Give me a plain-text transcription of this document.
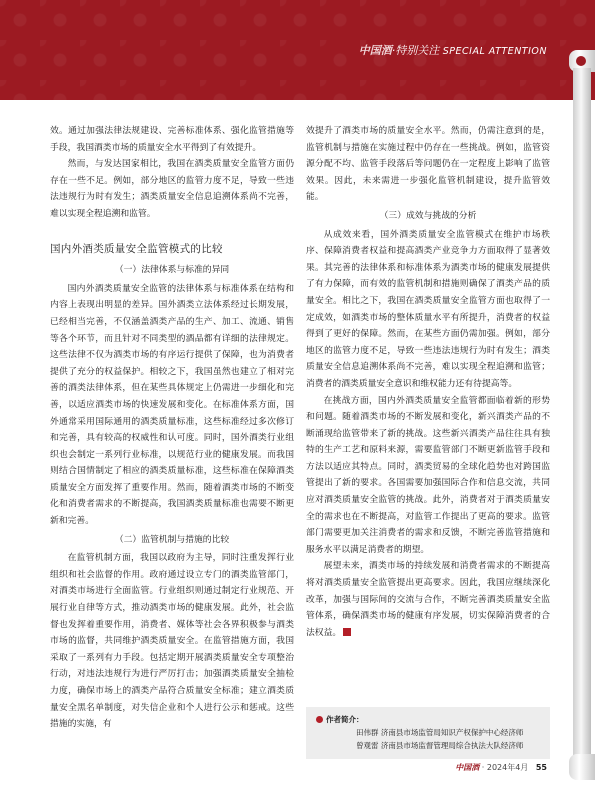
中国酒·特别关注 SPECIAL ATTENTION

效。通过加强法律法规建设、完善标准体系、强化监管措施等手段，我国酒类市场的质量安全水平得到了有效提升。

然而，与发达国家相比，我国在酒类质量安全监管方面仍存在一些不足。例如，部分地区的监管力度不足，导致一些违法违规行为时有发生；酒类质量安全信息追溯体系尚不完善，难以实现全程追溯和监管。

国内外酒类质量安全监管模式的比较
（一）法律体系与标准的异同

国内外酒类质量安全监管的法律体系与标准体系在结构和内容上表现出明显的差异。国外酒类立法体系经过长期发展，已经相当完善，不仅涵盖酒类产品的生产、加工、流通、销售等各个环节，而且针对不同类型的酒品都有详细的法律规定。这些法律不仅为酒类市场的有序运行提供了保障，也为消费者提供了充分的权益保护。相较之下，我国虽然也建立了相对完善的酒类法律体系，但在某些具体规定上仍需进一步细化和完善，以适应酒类市场的快速发展和变化。在标准体系方面，国外通常采用国际通用的酒类质量标准，这些标准经过多次修订和完善，具有较高的权威性和认可度。同时，国外酒类行业组织也会制定一系列行业标准，以规范行业的健康发展。而我国则结合国情制定了相应的酒类质量标准，这些标准在保障酒类质量安全方面发挥了重要作用。然而，随着酒类市场的不断变化和消费者需求的不断提高，我国酒类质量标准也需要不断更新和完善。

（二）监管机制与措施的比较

在监管机制方面，我国以政府为主导，同时注重发挥行业组织和社会监督的作用。政府通过设立专门的酒类监管部门，对酒类市场进行全面监管。行业组织则通过制定行业规范、开展行业自律等方式，推动酒类市场的健康发展。此外，社会监督也发挥着重要作用，消费者、媒体等社会各界积极参与酒类市场的监督，共同维护酒类质量安全。在监管措施方面，我国采取了一系列有力手段。包括定期开展酒类质量安全专项整治行动，对违法违规行为进行严厉打击；加强酒类质量安全抽检力度，确保市场上的酒类产品符合质量安全标准；建立酒类质量安全黑名单制度，对失信企业和个人进行公示和惩戒。这些措施的实施，有

效提升了酒类市场的质量安全水平。然而，仍需注意到的是，监管机制与措施在实施过程中仍存在一些挑战。例如，监管资源分配不均、监管手段落后等问题仍在一定程度上影响了监管效果。因此，未来需进一步强化监管机制建设，提升监管效能。

（三）成效与挑战的分析

从成效来看，国外酒类质量安全监管模式在维护市场秩序、保障消费者权益和提高酒类产业竞争力方面取得了显著效果。其完善的法律体系和标准体系为酒类市场的健康发展提供了有力保障，而有效的监管机制和措施则确保了酒类产品的质量安全。相比之下，我国在酒类质量安全监管方面也取得了一定成效，如酒类市场的整体质量水平有所提升，消费者的权益得到了更好的保障。然而，在某些方面仍需加强。例如，部分地区的监管力度不足，导致一些违法违规行为时有发生；酒类质量安全信息追溯体系尚不完善，难以实现全程追溯和监管；消费者的酒类质量安全意识和维权能力还有待提高等。

在挑战方面，国内外酒类质量安全监管都面临着新的形势和问题。随着酒类市场的不断发展和变化，新兴酒类产品的不断涌现给监管带来了新的挑战。这些新兴酒类产品往往具有独特的生产工艺和原料来源，需要监管部门不断更新监管手段和方法以适应其特点。同时，酒类贸易的全球化趋势也对跨国监管提出了新的要求。各国需要加强国际合作和信息交流，共同应对酒类质量安全监管的挑战。此外，消费者对于酒类质量安全的需求也在不断提高，对监管工作提出了更高的要求。监管部门需要更加关注消费者的需求和反馈，不断完善监管措施和服务水平以满足消费者的期望。

展望未来，酒类市场的持续发展和消费者需求的不断提高将对酒类质量安全监管提出更高要求。因此，我国应继续深化改革，加强与国际间的交流与合作，不断完善酒类质量安全监管体系，确保酒类市场的健康有序发展，切实保障消费者的合法权益。

作者简介：
田伟群 济南县市场监管局知识产权保护中心经济师
曾观雷 济南县市场监督管理局综合执法大队经济师
中国酒 · 2024年4月 55
